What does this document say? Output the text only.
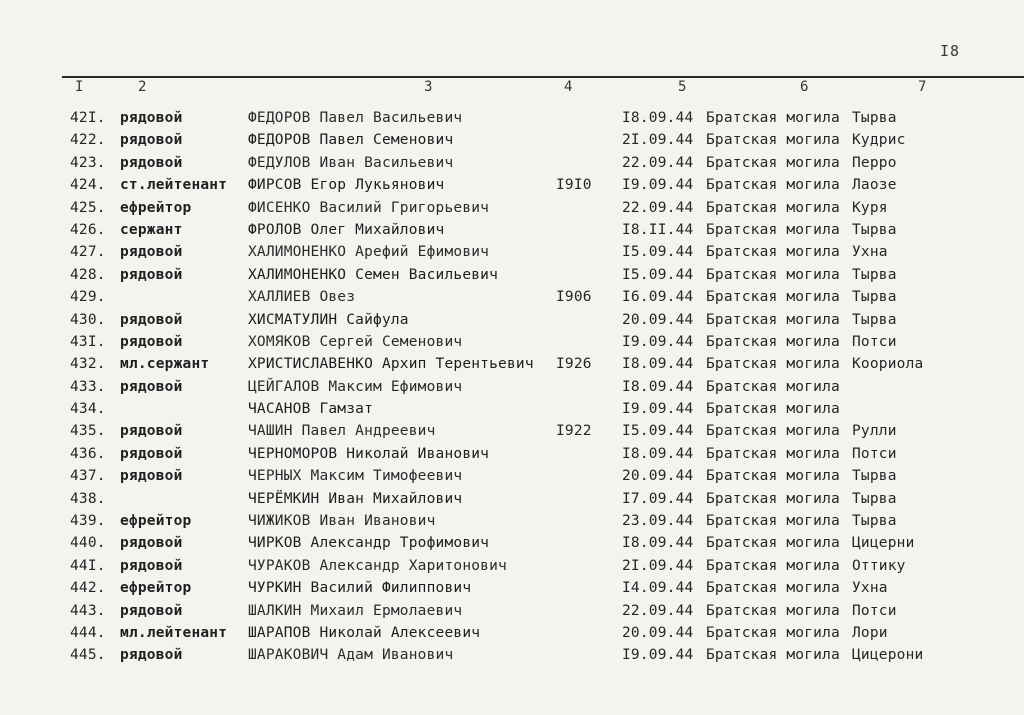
I8
I	2	3	4	5	6	7
42I. рядовой	ФЕДОРОВ Павел Васильевич	I8.09.44 Братская могила Тырва
422. рядовой	ФЕДОРОВ Павел Семенович	2I.09.44 Братская могила Кудрис
423. рядовой	ФЕДУЛОВ Иван Васильевич	22.09.44 Братская могила Перро
424. ст.лейтенант ФИРСОВ Егор Лукьянович	I9I0 I9.09.44 Братская могила Лаозе
425. ефрейтор	ФИСЕНКО Василий Григорьевич	22.09.44 Братская могила Куря
426. сержант	ФРОЛОВ Олег Михайлович	I8.II.44 Братская могила Тырва
427. рядовой	ХАЛИМОНЕНКО Арефий Ефимович	I5.09.44 Братская могила Ухна
428. рядовой	ХАЛИМОНЕНКО Семен Васильевич	I5.09.44 Братская могила Тырва
429.	ХАЛЛИЕВ Овез	I906 I6.09.44 Братская могила Тырва
430. рядовой	ХИСМАТУЛИН Сайфула	20.09.44 Братская могила Тырва
43I. рядовой	ХОМЯКОВ Сергей Семенович	I9.09.44 Братская могила Потси
432. мл.сержант	ХРИСТИСЛАВЕНКО Архип Терентьевич I926 I8.09.44 Братская могила Коориола
433. рядовой	ЦЕЙГАЛОВ Максим Ефимович	I8.09.44 Братская могила
434.	ЧАСАНОВ Гамзат	I9.09.44 Братская могила
435. рядовой	ЧАШИН Павел Андреевич	I922 I5.09.44 Братская могила Рулли
436. рядовой	ЧЕРНОМОРОВ Николай Иванович	I8.09.44 Братская могила Потси
437. рядовой	ЧЕРНЫХ Максим Тимофеевич	20.09.44 Братская могила Тырва
438.	ЧЕРЁМКИН Иван Михайлович	I7.09.44 Братская могила Тырва
439. ефрейтор	ЧИЖИКОВ Иван Иванович	23.09.44 Братская могила Тырва
440. рядовой	ЧИРКОВ Александр Трофимович	I8.09.44 Братская могила Цицерни
44I. рядовой	ЧУРАКОВ Александр Харитонович	2I.09.44 Братская могила Оттику
442. ефрейтор	ЧУРКИН Василий Филиппович	I4.09.44 Братская могила Ухна
443. рядовой	ШАЛКИН Михаил Ермолаевич	22.09.44 Братская могила Потси
444. мл.лейтенант ШАРАПОВ Николай Алексеевич	20.09.44 Братская могила Лори
445. рядовой	ШАРАКОВИЧ Адам Иванович	I9.09.44 Братская могила Цицерони
